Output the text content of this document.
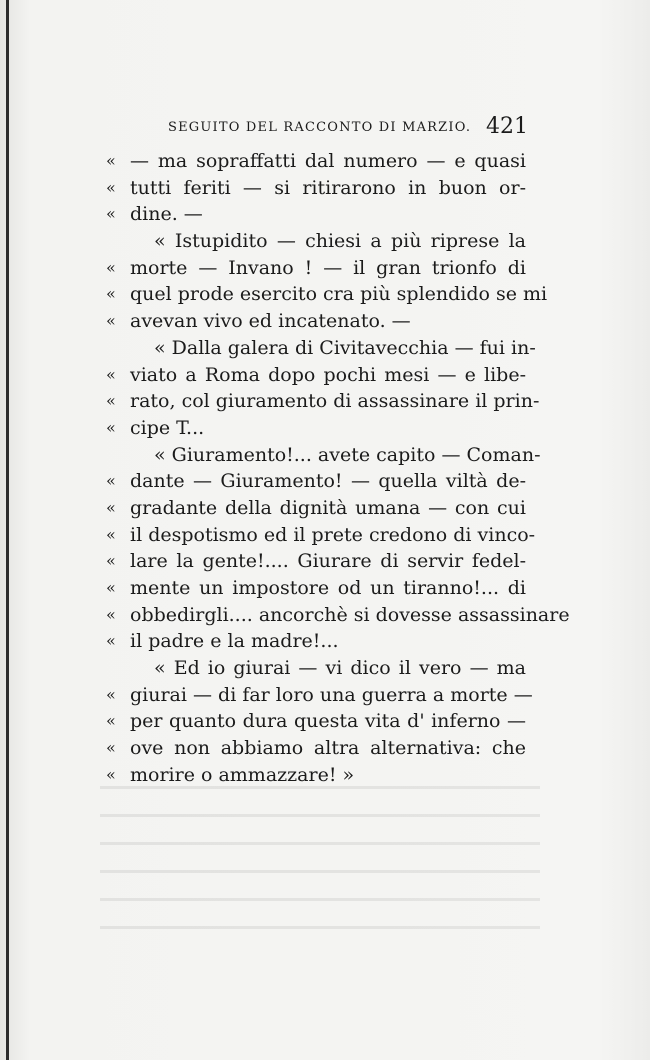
SEGUITO DEL RACCONTO DI MARZIO. 421
« — ma sopraffatti dal numero — e quasi
« tutti feriti — si ritirarono in buon or-
« dine. —
« Istupidito — chiesi a più riprese la
« morte — Invano ! — il gran trionfo di
« quel prode esercito cra più splendido se mi
« avevan vivo ed incatenato. —
« Dalla galera di Civitavecchia — fui in-
« viato a Roma dopo pochi mesi — e libe-
« rato, col giuramento di assassinare il prin-
« cipe T...
« Giuramento!... avete capito — Coman-
« dante — Giuramento! — quella viltà de-
« gradante della dignità umana — con cui
« il despotismo ed il prete credono di vinco-
« lare la gente!.... Giurare di servir fedel-
« mente un impostore od un tiranno!... di
« obbedirgli.... ancorchè si dovesse assassinare
« il padre e la madre!...
« Ed io giurai — vi dico il vero — ma
« giurai — di far loro una guerra a morte —
« per quanto dura questa vita d' inferno —
« ove non abbiamo altra alternativa: che
« morire o ammazzare! »
